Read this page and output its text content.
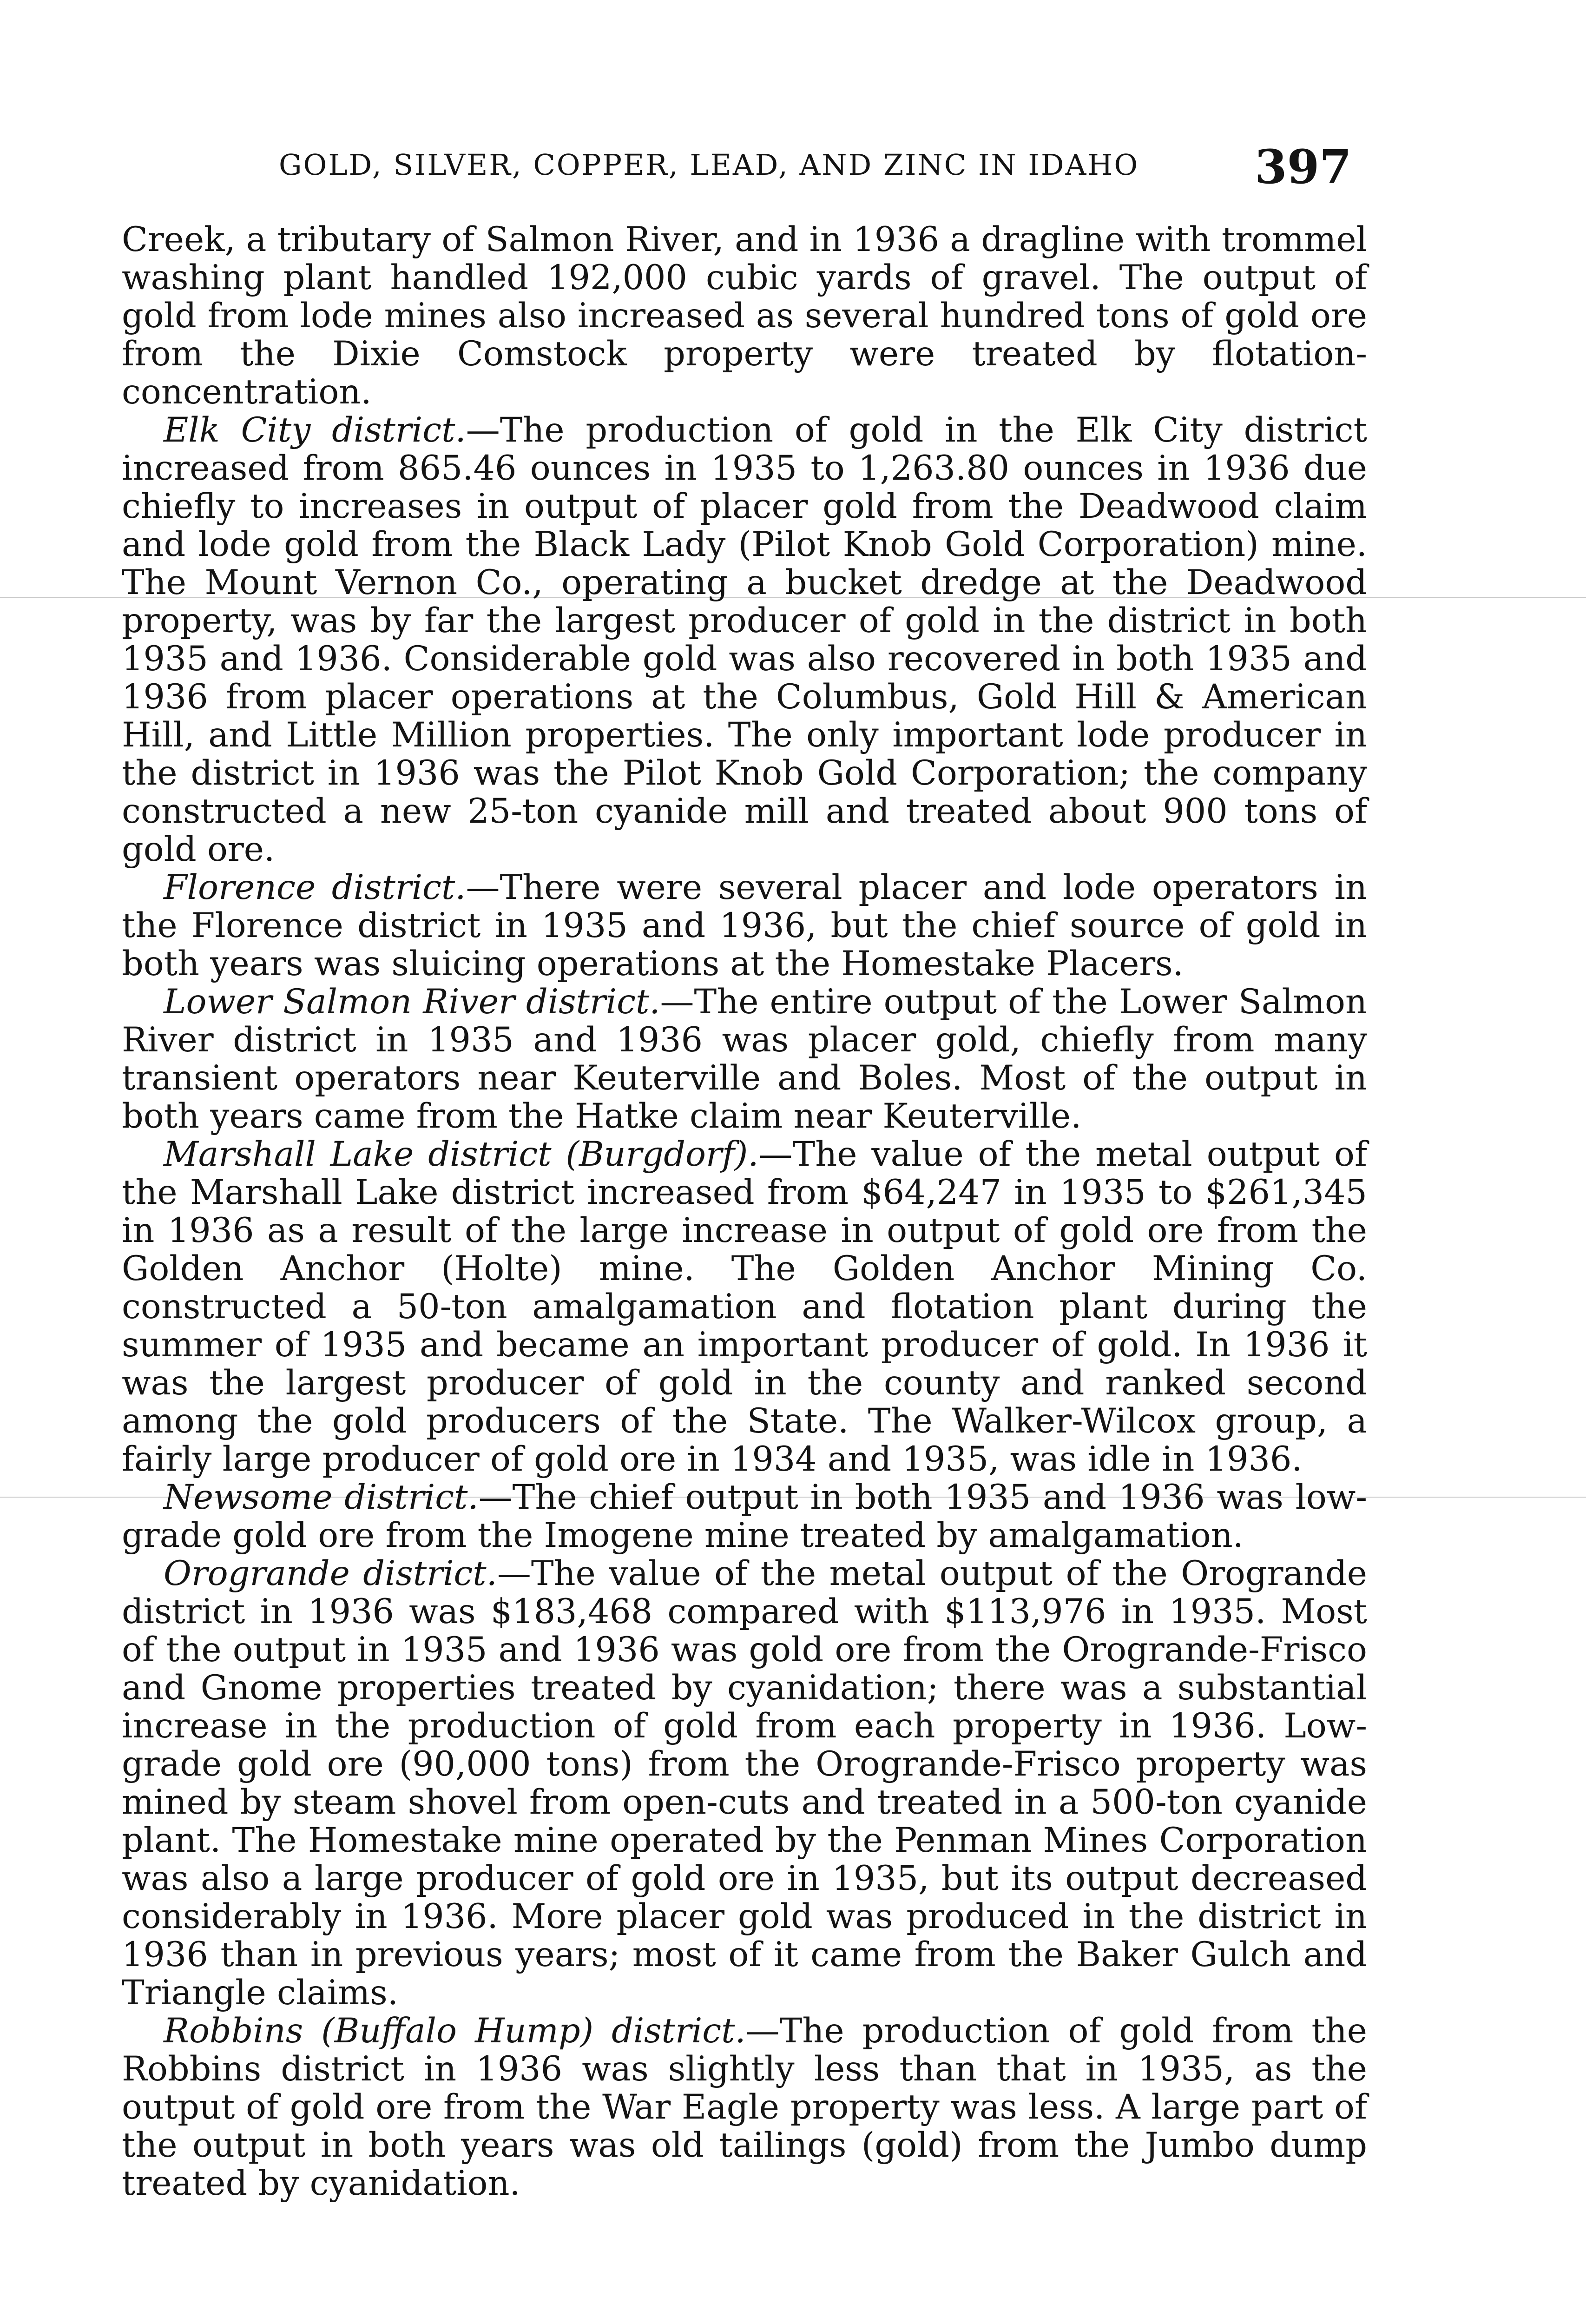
GOLD, SILVER, COPPER, LEAD, AND ZINC IN IDAHO	397

Creek, a tributary of Salmon River, and in 1936 a dragline with trommel washing plant handled 192,000 cubic yards of gravel. The output of gold from lode mines also increased as several hundred tons of gold ore from the Dixie Comstock property were treated by flotation-concentration.

Elk City district.—The production of gold in the Elk City district increased from 865.46 ounces in 1935 to 1,263.80 ounces in 1936 due chiefly to increases in output of placer gold from the Deadwood claim and lode gold from the Black Lady (Pilot Knob Gold Corporation) mine. The Mount Vernon Co., operating a bucket dredge at the Deadwood property, was by far the largest producer of gold in the district in both 1935 and 1936. Considerable gold was also recovered in both 1935 and 1936 from placer operations at the Columbus, Gold Hill & American Hill, and Little Million properties. The only important lode producer in the district in 1936 was the Pilot Knob Gold Corporation; the company constructed a new 25-ton cyanide mill and treated about 900 tons of gold ore.

Florence district.—There were several placer and lode operators in the Florence district in 1935 and 1936, but the chief source of gold in both years was sluicing operations at the Homestake Placers.

Lower Salmon River district.—The entire output of the Lower Salmon River district in 1935 and 1936 was placer gold, chiefly from many transient operators near Keuterville and Boles. Most of the output in both years came from the Hatke claim near Keuterville.

Marshall Lake district (Burgdorf).—The value of the metal output of the Marshall Lake district increased from $64,247 in 1935 to $261,345 in 1936 as a result of the large increase in output of gold ore from the Golden Anchor (Holte) mine. The Golden Anchor Mining Co. constructed a 50-ton amalgamation and flotation plant during the summer of 1935 and became an important producer of gold. In 1936 it was the largest producer of gold in the county and ranked second among the gold producers of the State. The Walker-Wilcox group, a fairly large producer of gold ore in 1934 and 1935, was idle in 1936.

Newsome district.—The chief output in both 1935 and 1936 was low-grade gold ore from the Imogene mine treated by amalgamation.

Orogrande district.—The value of the metal output of the Orogrande district in 1936 was $183,468 compared with $113,976 in 1935. Most of the output in 1935 and 1936 was gold ore from the Orogrande-Frisco and Gnome properties treated by cyanidation; there was a substantial increase in the production of gold from each property in 1936. Low-grade gold ore (90,000 tons) from the Orogrande-Frisco property was mined by steam shovel from open-cuts and treated in a 500-ton cyanide plant. The Homestake mine operated by the Penman Mines Corporation was also a large producer of gold ore in 1935, but its output decreased considerably in 1936. More placer gold was produced in the district in 1936 than in previous years; most of it came from the Baker Gulch and Triangle claims.

Robbins (Buffalo Hump) district.—The production of gold from the Robbins district in 1936 was slightly less than that in 1935, as the output of gold ore from the War Eagle property was less. A large part of the output in both years was old tailings (gold) from the Jumbo dump treated by cyanidation.
